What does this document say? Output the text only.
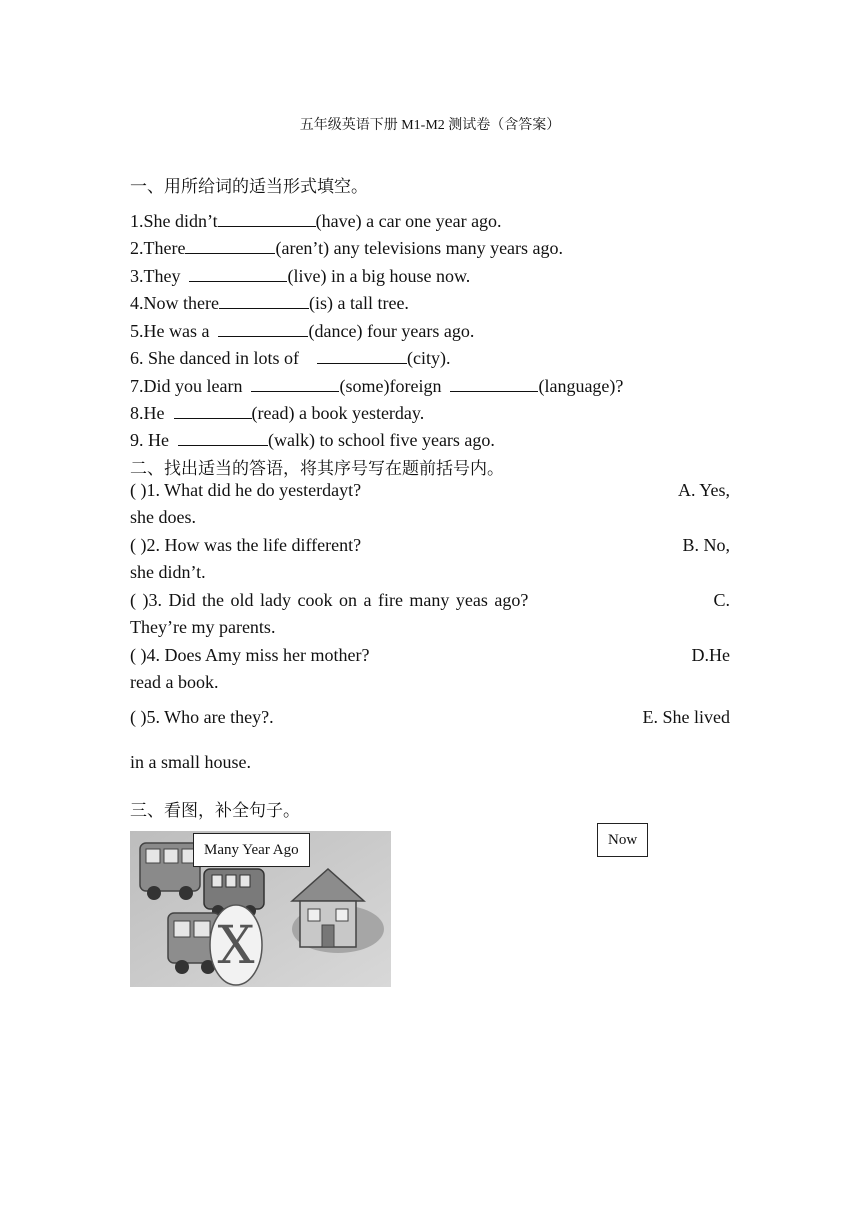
五年级英语下册 M1-M2 测试卷（含答案）
一、用所给词的适当形式填空。
1.She didn’t	(have) a car one year ago.
2.There	(aren’t) any televisions many years ago.
3.They	(live) in a big house now.
4.Now there	(is) a tall tree.
5.He was a	(dance) four years ago.
6. She danced in lots of	(city).
7.Did you learn	(some)foreign	(language)?
8.He	(read) a book yesterday.
9. He	(walk) to school five years ago.
二、找出适当的答语，将其序号写在题前括号内。
( )1. What did he do yesterdayt?	A. Yes,
she does.
( )2. How was the life different?	B. No,
she didn’t.
( )3. Did the old lady cook on a fire many yeas ago?	C.
They’re my parents.
( )4. Does Amy miss her mother?	D.He
read a book.
( )5. Who are they?.	E. She lived
in a small house.
三、看图，补全句子。
X
Many Year Ago
Now
